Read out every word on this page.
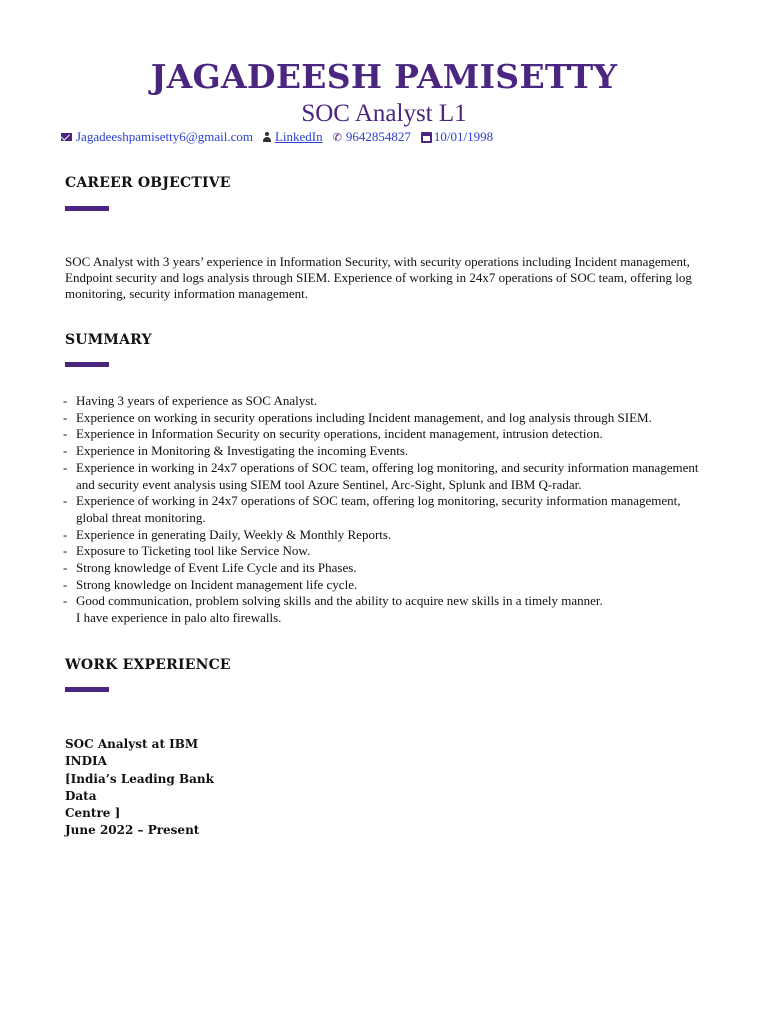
JAGADEESH PAMISETTY
SOC Analyst L1
Jagadeeshpamisetty6@gmail.com LinkedIn ✆ 9642854827 10/01/1998
CAREER OBJECTIVE
SOC Analyst with 3 years’ experience in Information Security, with security operations including Incident management, Endpoint security and logs analysis through SIEM. Experience of working in 24x7 operations of SOC team, offering log monitoring, security information management.
SUMMARY
- Having 3 years of experience as SOC Analyst.
- Experience on working in security operations including Incident management, and log analysis through SIEM.
- Experience in Information Security on security operations, incident management, intrusion detection.
- Experience in Monitoring & Investigating the incoming Events.
- Experience in working in 24x7 operations of SOC team, offering log monitoring, and security information management and security event analysis using SIEM tool Azure Sentinel, Arc-Sight, Splunk and IBM Q-radar.
- Experience of working in 24x7 operations of SOC team, offering log monitoring, security information management, global threat monitoring.
- Experience in generating Daily, Weekly & Monthly Reports.
- Exposure to Ticketing tool like Service Now.
- Strong knowledge of Event Life Cycle and its Phases.
- Strong knowledge on Incident management life cycle.
- Good communication, problem solving skills and the ability to acquire new skills in a timely manner.
I have experience in palo alto firewalls.
WORK EXPERIENCE
SOC Analyst at IBM INDIA
[India’s Leading Bank Data
Centre ]
June 2022 – Present
